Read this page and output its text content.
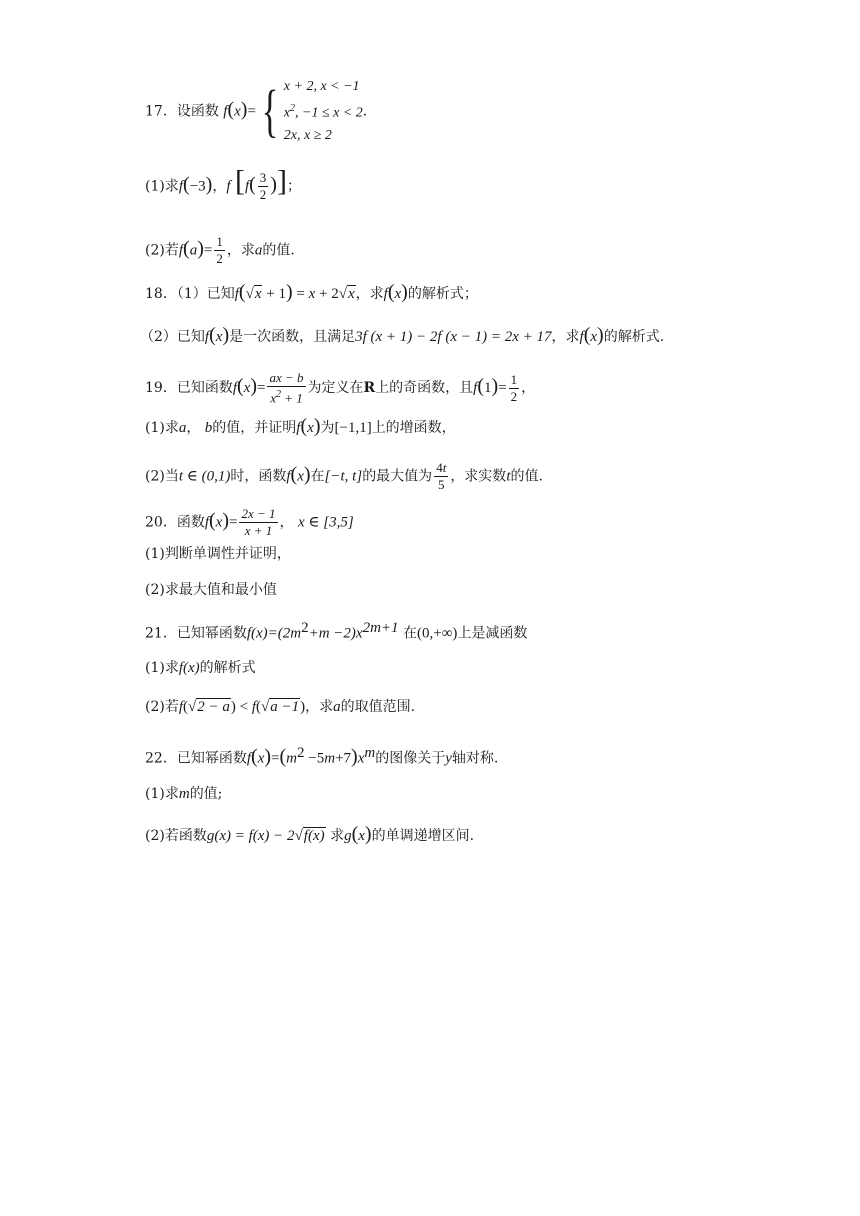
17．设函数 f(x)={ x + 2, x < −1
$x^2$, −1 ≤ x < 2
2x, x ≥ 2
.
(1)求f(−3)，f [$f( \frac{3}{2}$ )]；
(2)若$f(a)= \frac{1}{2}$ ，求a的值.
18．（1）已知f(√x + 1) = x + 2√x，求f(x)的解析式；
（2）已知f(x)是一次函数，且满足3f (x + 1) − 2f (x − 1) = 2x + 17，求f(x)的解析式.
19．已知函数$f(x)= \frac{ax - b}{x^2 + 1}$ 为定义在R上的奇函数，且$f(1)= \frac{1}{2}$ ，
(1)求a， b的值，并证明f(x)为[−1,1]上的增函数，
(2)当t ∈ (0,1)时，函数f(x)在[−t, t]的最大值为 $\frac{4t}{5}$ ，求实数t的值.
20．函数$f(x)= \frac{2x - 1}{x + 1}$ ， x ∈ [3,5]
(1)判断单调性并证明，
(2)求最大值和最小值
21．已知幂函数$f(x)=(2m^2+m -2)x^{2m+1}$ 在(0,+∞)上是减函数
(1)求f(x)的解析式
(2)若f(√2 − a) < f(√a −1)，求a的取值范围.
22．已知幂函数$f(x)=(m^2 -5m+7)x^m$的图像关于y轴对称.
(1)求m的值;
(2)若函数g(x) = f(x) − 2√f(x) 求g(x)的单调递增区间.
